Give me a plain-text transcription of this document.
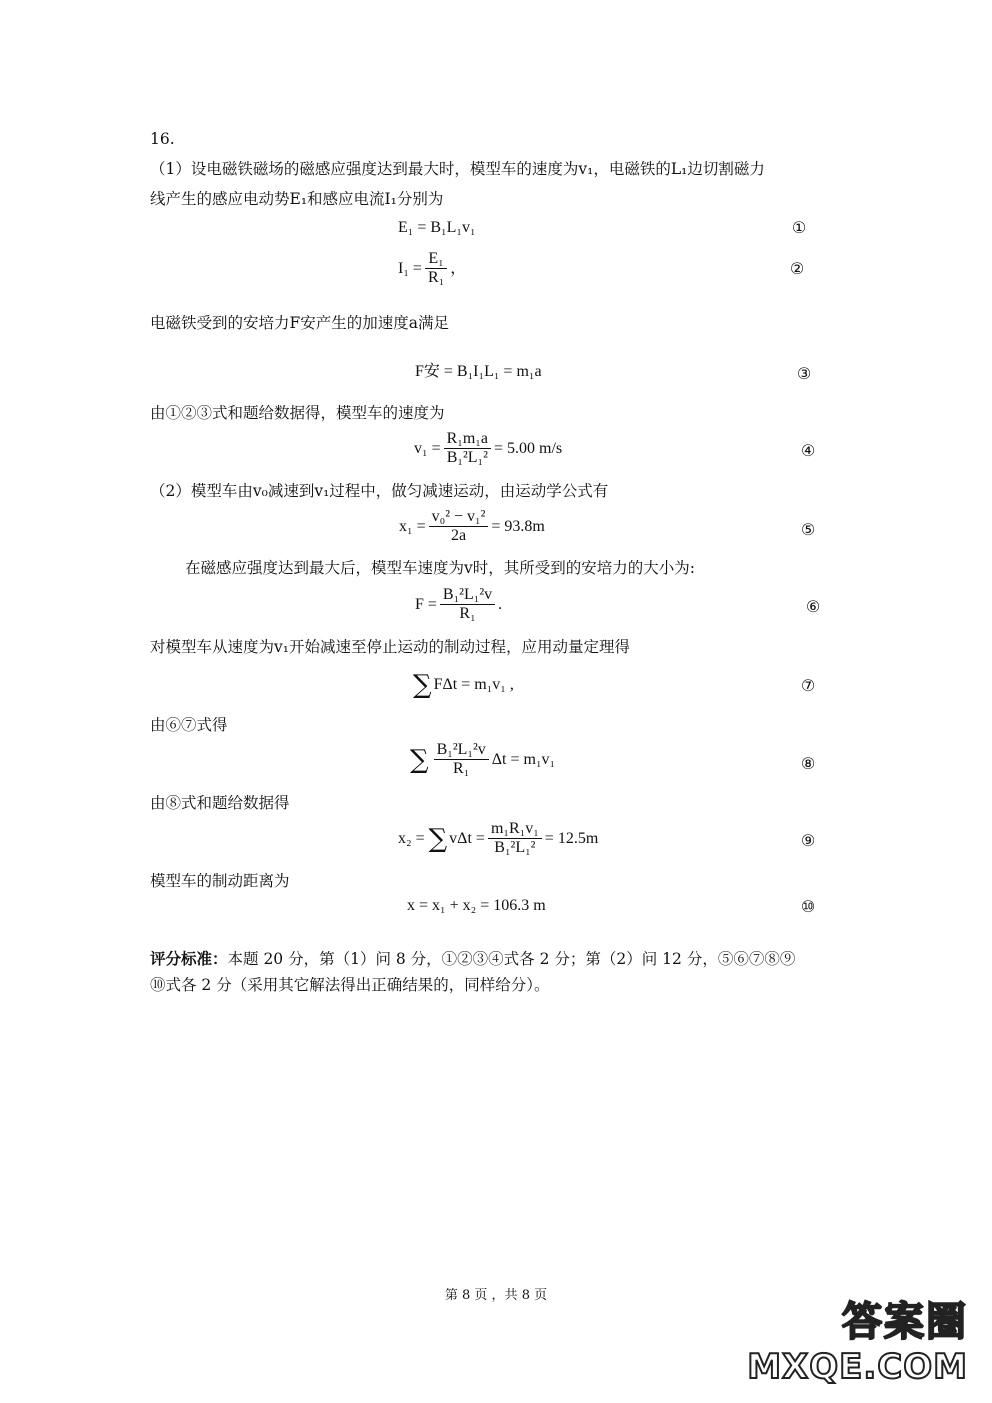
16.
（1）设电磁铁磁场的磁感应强度达到最大时，模型车的速度为v₁，电磁铁的L₁边切割磁力
线产生的感应电动势E₁和感应电流I₁分别为
E₁ = B₁L₁v₁	①
$I_1 = \frac{\text{E₁}}{\text{R₁}}$ ，	②
电磁铁受到的安培力F安产生的加速度a满足
F安 = B₁I₁L₁ = m₁a	③
由①②③式和题给数据得，模型车的速度为
$v_1 = \frac{\text{R₁m₁a}}{\text{B₁²L₁²}} = 5.00$ m/s	④
（2）模型车由v₀减速到v₁过程中，做匀减速运动，由运动学公式有
$x_1 = \frac{\text{v₀² − v₁²}}{2a} = 93.8m$	⑤
在磁感应强度达到最大后，模型车速度为v时，其所受到的安培力的大小为:
$F = \frac{\text{B₁²L₁²v}}{\text{R₁}}$ .	⑥
对模型车从速度为v₁开始减速至停止运动的制动过程，应用动量定理得
∑ FΔt = m₁v₁ ,	⑦
由⑥⑦式得
∑ $\frac{\text{B₁²L₁²v}}{\text{R₁}}$ Δt = m₁v₁	⑧
由⑧式和题给数据得
x₂ = ∑ $v\Delta t = \frac{\text{m₁R₁v₁}}{\text{B₁²L₁²}} = 12.5m$	⑨
模型车的制动距离为
x = x₁ + x₂ = 106.3 m	⑩
评分标准：本题 20 分，第（1）问 8 分，①②③④式各 2 分；第（2）问 12 分，⑤⑥⑦⑧⑨
⑩式各 2 分（采用其它解法得出正确结果的，同样给分）。
第 8 页 ，共 8 页
答案圈
MXQE.COM
